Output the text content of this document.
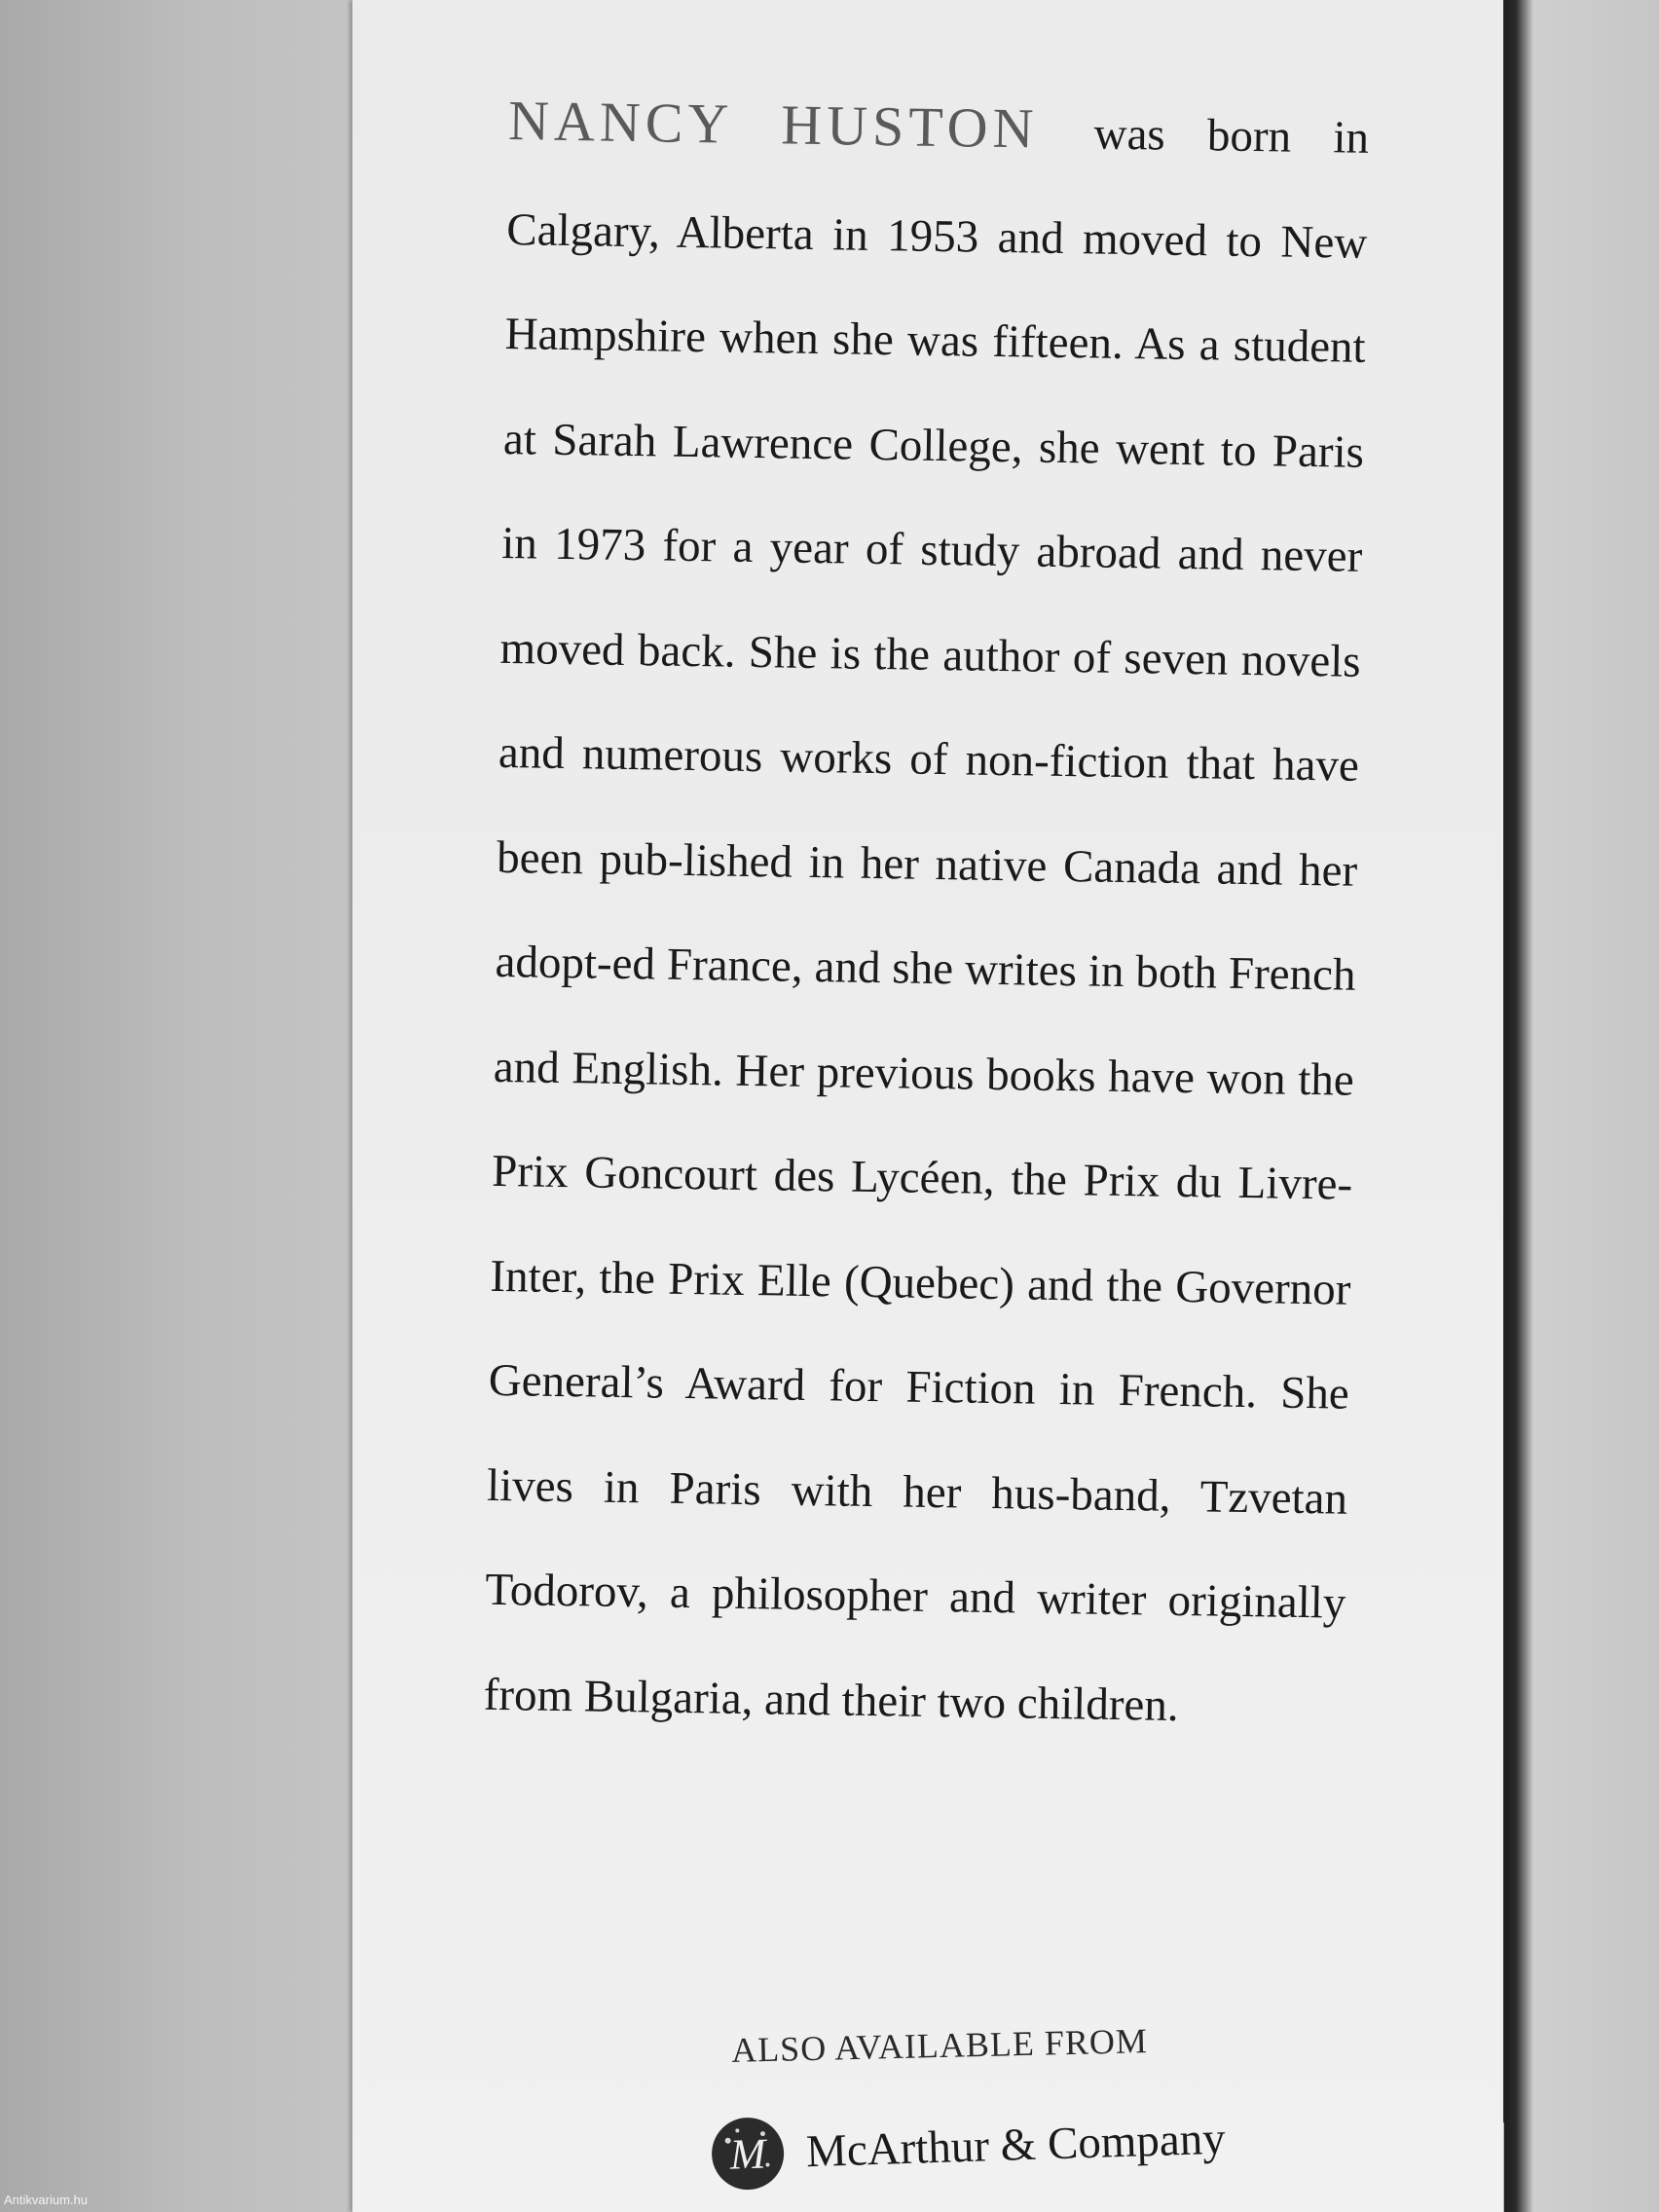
NANCY HUSTON was born in Calgary, Alberta in 1953 and moved to New Hampshire when she was fifteen. As a student at Sarah Lawrence College, she went to Paris in 1973 for a year of study abroad and never moved back. She is the author of seven novels and numerous works of non-fiction that have been pub-lished in her native Canada and her adopt-ed France, and she writes in both French and English. Her previous books have won the Prix Goncourt des Lycéen, the Prix du Livre-Inter, the Prix Elle (Quebec) and the Governor General’s Award for Fiction in French. She lives in Paris with her hus-band, Tzvetan Todorov, a philosopher and writer originally from Bulgaria, and their two children.

ALSO AVAILABLE FROM
M McArthur & Company
Antikvarium.hu
